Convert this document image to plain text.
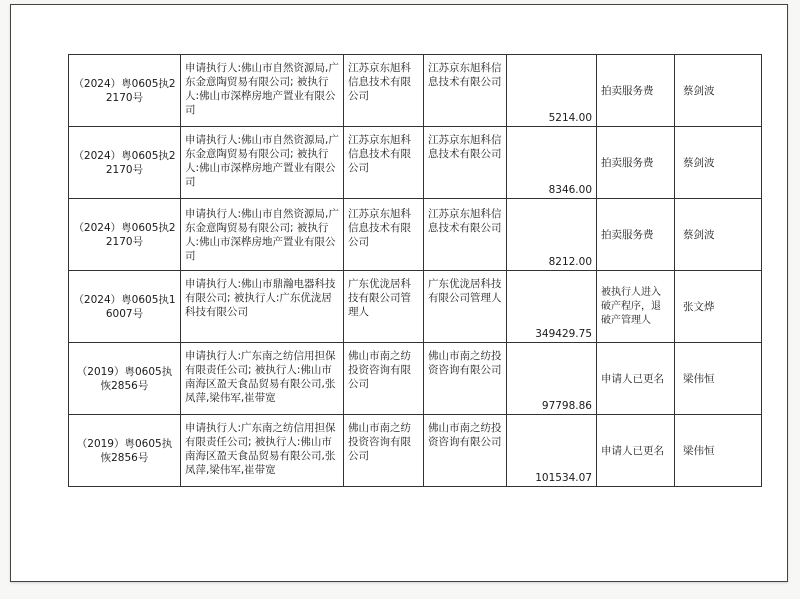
（2024）粤0605执22170号	申请执行人:佛山市自然资源局,广东金意陶贸易有限公司; 被执行人:佛山市深桦房地产置业有限公司	江苏京东旭科信息技术有限公司	江苏京东旭科信息技术有限公司	5214.00	拍卖服务费	蔡剑波
（2024）粤0605执22170号	申请执行人:佛山市自然资源局,广东金意陶贸易有限公司; 被执行人:佛山市深桦房地产置业有限公司	江苏京东旭科信息技术有限公司	江苏京东旭科信息技术有限公司	8346.00	拍卖服务费	蔡剑波
（2024）粤0605执22170号	申请执行人:佛山市自然资源局,广东金意陶贸易有限公司; 被执行人:佛山市深桦房地产置业有限公司	江苏京东旭科信息技术有限公司	江苏京东旭科信息技术有限公司	8212.00	拍卖服务费	蔡剑波
（2024）粤0605执16007号	申请执行人:佛山市鼎瀚电器科技有限公司; 被执行人:广东优泷居科技有限公司	广东优泷居科技有限公司管理人	广东优泷居科技有限公司管理人	349429.75	被执行人进入破产程序，退破产管理人	张文烨
（2019）粤0605执恢2856号	申请执行人:广东南之纺信用担保有限责任公司; 被执行人:佛山市南海区盈天食品贸易有限公司,张凤萍,梁伟军,崔带宽	佛山市南之纺投资咨询有限公司	佛山市南之纺投资咨询有限公司	97798.86	申请人已更名	梁伟恒
（2019）粤0605执恢2856号	申请执行人:广东南之纺信用担保有限责任公司; 被执行人:佛山市南海区盈天食品贸易有限公司,张凤萍,梁伟军,崔带宽	佛山市南之纺投资咨询有限公司	佛山市南之纺投资咨询有限公司	101534.07	申请人已更名	梁伟恒
